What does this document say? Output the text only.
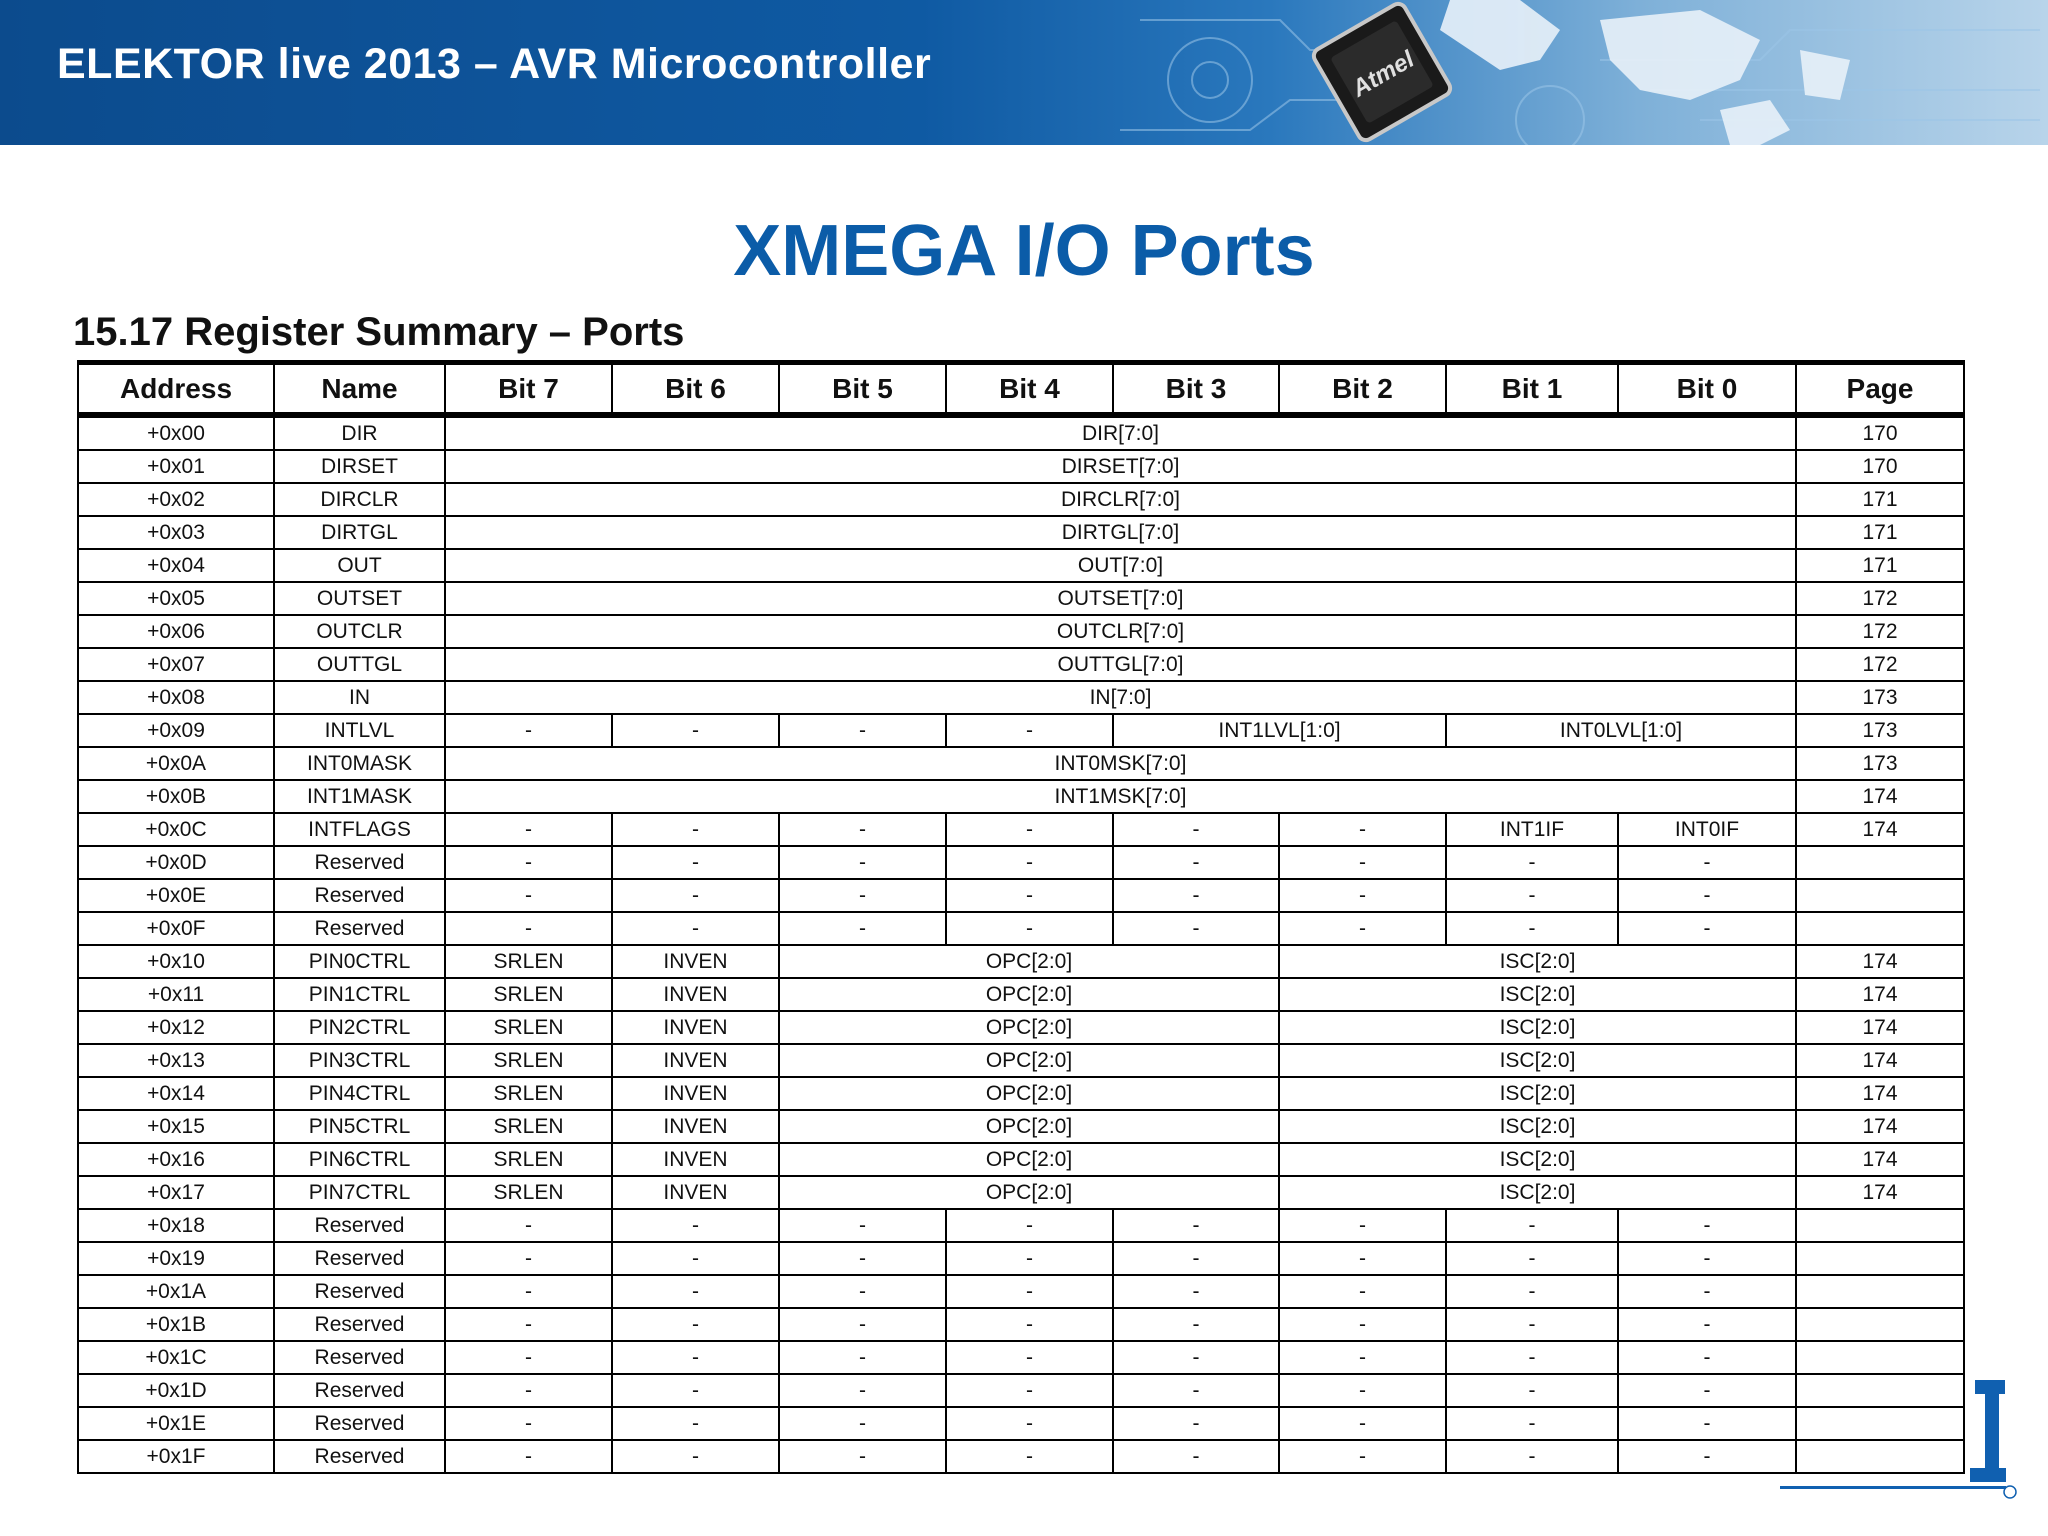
Atmel
ELEKTOR live 2013 – AVR Microcontroller
XMEGA I/O Ports
15.17 Register Summary – Ports
Address	Name	Bit 7	Bit 6	Bit 5	Bit 4	Bit 3	Bit 2	Bit 1	Bit 0	Page
+0x00	DIR	DIR[7:0]								170
+0x01	DIRSET	DIRSET[7:0]								170
+0x02	DIRCLR	DIRCLR[7:0]								171
+0x03	DIRTGL	DIRTGL[7:0]								171
+0x04	OUT	OUT[7:0]								171
+0x05	OUTSET	OUTSET[7:0]								172
+0x06	OUTCLR	OUTCLR[7:0]								172
+0x07	OUTTGL	OUTTGL[7:0]								172
+0x08	IN	IN[7:0]								173
+0x09	INTLVL	-	-	-	-	INT1LVL[1:0]		INT0LVL[1:0]		173
+0x0A	INT0MASK	INT0MSK[7:0]								173
+0x0B	INT1MASK	INT1MSK[7:0]								174
+0x0C	INTFLAGS	-	-	-	-	-	-	INT1IF	INT0IF	174
+0x0D	Reserved	-	-	-	-	-	-	-	-	
+0x0E	Reserved	-	-	-	-	-	-	-	-	
+0x0F	Reserved	-	-	-	-	-	-	-	-	
+0x10	PIN0CTRL	SRLEN	INVEN	OPC[2:0]			ISC[2:0]			174
+0x11	PIN1CTRL	SRLEN	INVEN	OPC[2:0]			ISC[2:0]			174
+0x12	PIN2CTRL	SRLEN	INVEN	OPC[2:0]			ISC[2:0]			174
+0x13	PIN3CTRL	SRLEN	INVEN	OPC[2:0]			ISC[2:0]			174
+0x14	PIN4CTRL	SRLEN	INVEN	OPC[2:0]			ISC[2:0]			174
+0x15	PIN5CTRL	SRLEN	INVEN	OPC[2:0]			ISC[2:0]			174
+0x16	PIN6CTRL	SRLEN	INVEN	OPC[2:0]			ISC[2:0]			174
+0x17	PIN7CTRL	SRLEN	INVEN	OPC[2:0]			ISC[2:0]			174
+0x18	Reserved	-	-	-	-	-	-	-	-	
+0x19	Reserved	-	-	-	-	-	-	-	-	
+0x1A	Reserved	-	-	-	-	-	-	-	-	
+0x1B	Reserved	-	-	-	-	-	-	-	-	
+0x1C	Reserved	-	-	-	-	-	-	-	-	
+0x1D	Reserved	-	-	-	-	-	-	-	-	
+0x1E	Reserved	-	-	-	-	-	-	-	-	
+0x1F	Reserved	-	-	-	-	-	-	-	-	
